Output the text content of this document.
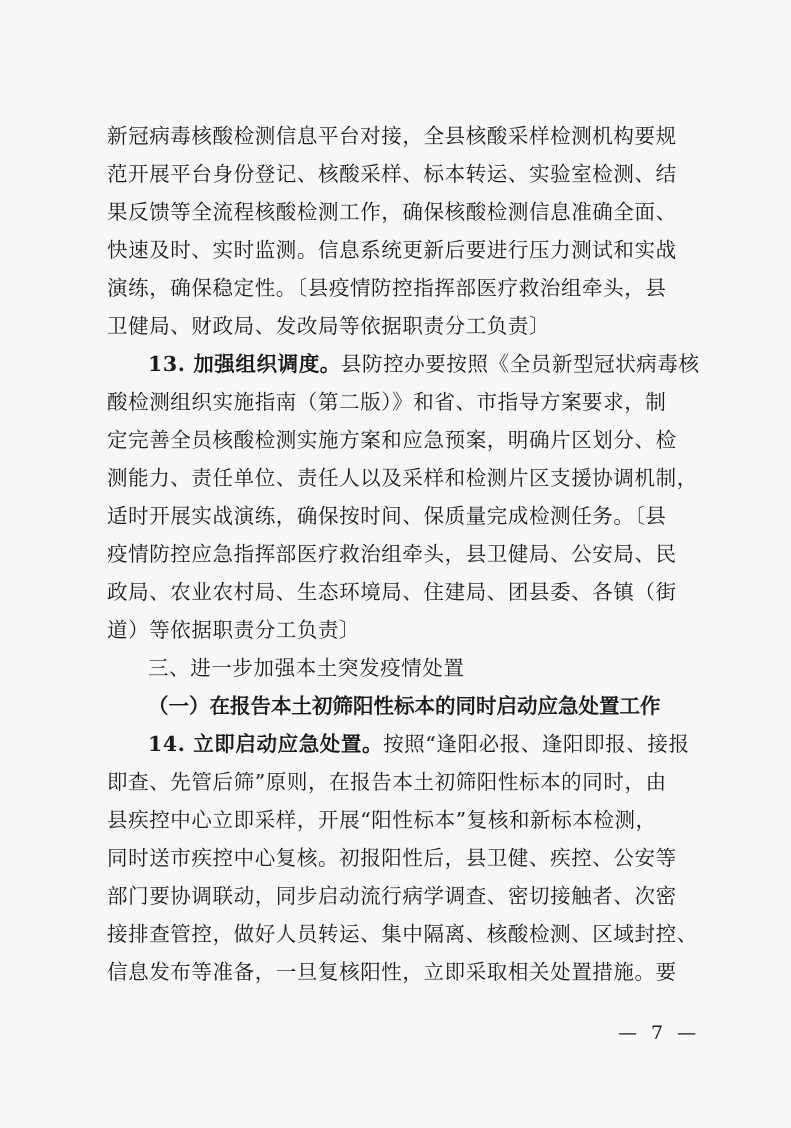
新冠病毒核酸检测信息平台对接，全县核酸采样检测机构要规
范开展平台身份登记、核酸采样、标本转运、实验室检测、结
果反馈等全流程核酸检测工作，确保核酸检测信息准确全面、
快速及时、实时监测。信息系统更新后要进行压力测试和实战
演练，确保稳定性。〔县疫情防控指挥部医疗救治组牵头，县
卫健局、财政局、发改局等依据职责分工负责〕
13. 加强组织调度。县防控办要按照《全员新型冠状病毒核
酸检测组织实施指南（第二版）》和省、市指导方案要求，制
定完善全员核酸检测实施方案和应急预案，明确片区划分、检
测能力、责任单位、责任人以及采样和检测片区支援协调机制，
适时开展实战演练，确保按时间、保质量完成检测任务。〔县
疫情防控应急指挥部医疗救治组牵头，县卫健局、公安局、民
政局、农业农村局、生态环境局、住建局、团县委、各镇（街
道）等依据职责分工负责〕
三、进一步加强本土突发疫情处置
（一）在报告本土初筛阳性标本的同时启动应急处置工作
14. 立即启动应急处置。按照“逢阳必报、逢阳即报、接报
即查、先管后筛”原则，在报告本土初筛阳性标本的同时，由
县疾控中心立即采样，开展“阳性标本”复核和新标本检测，
同时送市疾控中心复核。初报阳性后，县卫健、疾控、公安等
部门要协调联动，同步启动流行病学调查、密切接触者、次密
接排查管控，做好人员转运、集中隔离、核酸检测、区域封控、
信息发布等准备，一旦复核阳性，立即采取相关处置措施。要
— 7 —
